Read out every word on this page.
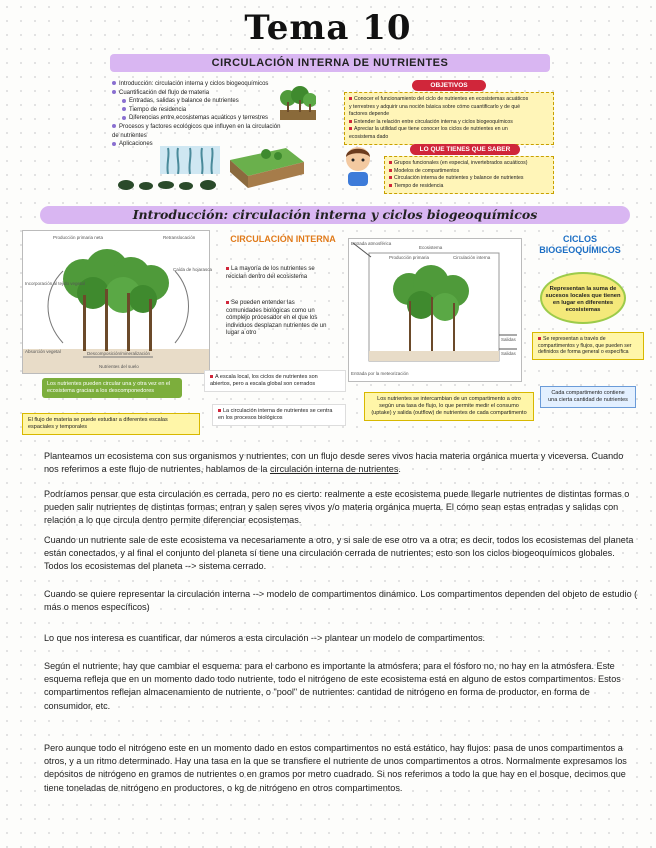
Tema 10
CIRCULACIÓN INTERNA DE NUTRIENTES
Introducción: circulación interna y ciclos biogeoquímicos
Cuantificación del flujo de materia
Entradas, salidas y balance de nutrientes
Tiempo de residencia
Diferencias entre ecosistemas acuáticos y terrestres
Procesos y factores ecológicos que influyen en la circulación
de nutrientes
Aplicaciones
OBJETIVOS
Conocer el funcionamiento del ciclo de nutrientes en ecosistemas acuáticos
y terrestres y adquirir una noción básica sobre cómo cuantificarlo y de qué
factores depende
Entender la relación entre circulación interna y ciclos biogeoquímicos
Apreciar la utilidad que tiene conocer los ciclos de nutrientes en un
ecosistema dado
LO QUE TIENES QUE SABER
Grupos funcionales (en especial, invertebrados acuáticos)
Modelos de compartimentos
Circulación interna de nutrientes y balance de nutrientes
Tiempo de residencia
Introducción: circulación interna y ciclos biogeoquímicos
Producción primaria neta	Retranslocación
Caída de hojarasca
Incorporación al tejido vegetal
Absorción vegetal	Descomposición/mineralización
Nutrientes del suelo
Los nutrientes pueden circular una y otra vez en el ecosistema gracias a los descomponedores
El flujo de materia se puede estudiar a diferentes escalas espaciales y temporales
CIRCULACIÓN INTERNA
La mayoría de los nutrientes se reciclan dentro del ecosistema
Se pueden entender las comunidades biológicas como un complejo procesador en el que los individuos desplazan nutrientes de un lugar a otro
A escala local, los ciclos de nutrientes son abiertos, pero a escala global son cerrados
La circulación interna de nutrientes se centra en los procesos biológicos
Entrada atmosférica
Ecosistema
Producción primaria	Circulación interna
Entrada por la meteorización
Salidas
Salidas
Los nutrientes se intercambian de un compartimento a otro según una tasa de flujo, lo que permite medir el consumo (uptake) y salida (outflow) de nutrientes de cada compartimento
CICLOS BIOGEOQUÍMICOS
Representan la suma de sucesos locales que tienen en lugar en diferentes ecosistemas
Se representan a través de compartimentos y flujos, que pueden ser definidos de forma general o específica
Cada compartimento contiene una cierta cantidad de nutrientes
Planteamos un ecosistema con sus organismos y nutrientes, con un flujo desde seres vivos hacia materia orgánica muerta y viceversa. Cuando nos referimos a este flujo de nutrientes, hablamos de la circulación interna de nutrientes.
Podríamos pensar que esta circulación es cerrada, pero no es cierto: realmente a este ecosistema puede llegarle nutrientes de distintas formas o pueden salir nutrientes de distintas formas; entran y salen seres vivos y/o materia orgánica muerta. El cómo sean estas entradas y salidas con relación a lo que circula dentro permite diferenciar ecosistemas.
Cuando un nutriente sale de este ecosistema va necesariamente a otro, y si sale de ese otro va a otra; es decir, todos los ecosistemas del planeta están conectados, y al final el conjunto del planeta sí tiene una circulación cerrada de nutrientes; esto son los ciclos biogeoquímicos globales. Todos los ecosistemas del planeta --> sistema cerrado.
Cuando se quiere representar la circulación interna --> modelo de compartimentos dinámico. Los compartimentos dependen del objeto de estudio ( más o menos específicos)
Lo que nos interesa es cuantificar, dar números a esta circulación --> plantear un modelo de compartimentos.
Según el nutriente, hay que cambiar el esquema: para el carbono es importante la atmósfera; para el fósforo no, no hay en la atmósfera. Este esquema refleja que en un momento dado todo nutriente, todo el nitrógeno de este ecosistema está en alguno de estos compartimentos. Estos compartimentos reflejan almacenamiento de nutriente, o "pool" de nutrientes: cantidad de nitrógeno en forma de productor, en forma de consumidor, etc.
Pero aunque todo el nitrógeno este en un momento dado en estos compartimentos no está estático, hay flujos: pasa de unos compartimentos a otros, y a un ritmo determinado. Hay una tasa en la que se transfiere el nutriente de unos compartimentos a otros. Normalmente expresamos los depósitos de nitrógeno en gramos de nutrientes o en gramos por metro cuadrado. Si nos referimos a todo la que hay en el bosque, decimos que tiene toneladas de nitrógeno en productores, o kg de nitrógeno en otros compartimentos.
